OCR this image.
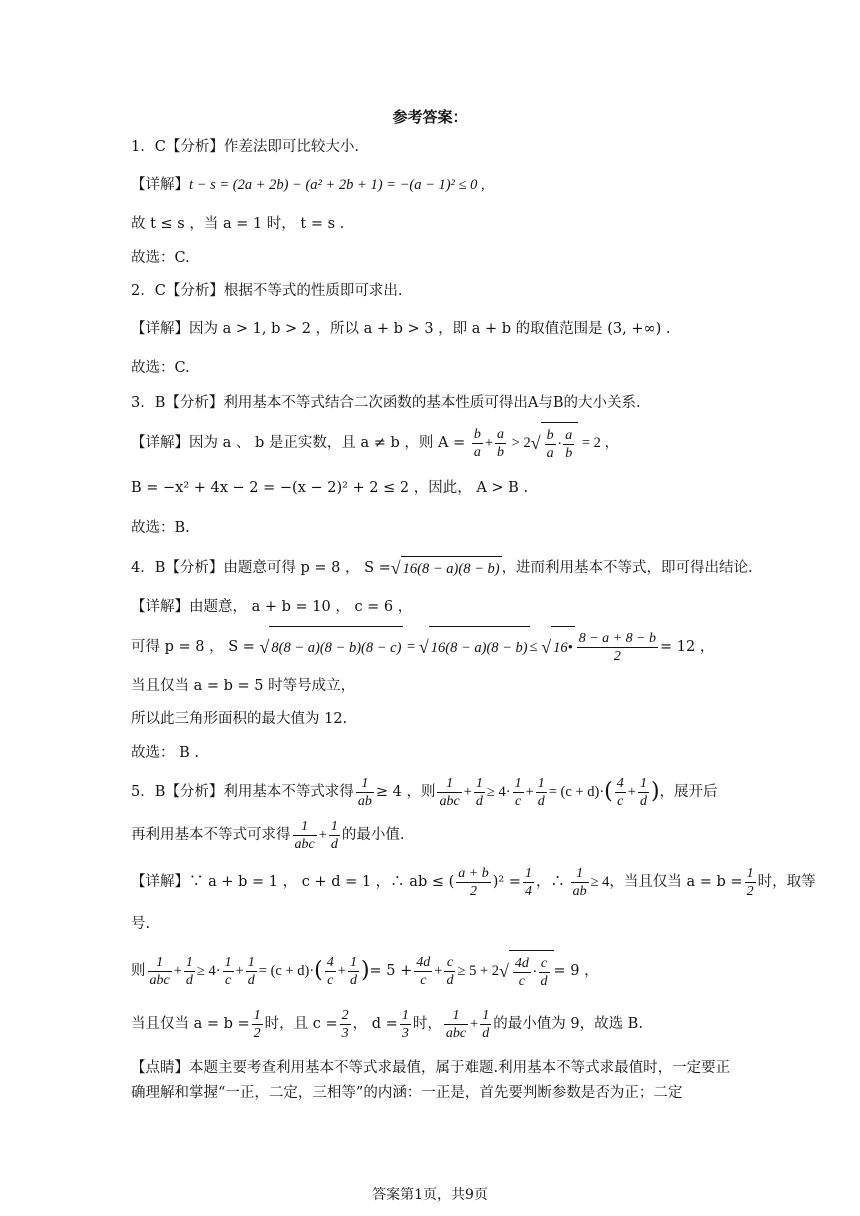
参考答案：
1．C【分析】作差法即可比较大小.
【详解】t − s = (2a + 2b) − (a² + 2b + 1) = −(a − 1)² ≤ 0 ,
故 t ≤ s ，当 a = 1 时， t = s .
故选：C.
2．C【分析】根据不等式的性质即可求出.
【详解】因为 a > 1, b > 2 ，所以 a + b > 3 ，即 a + b 的取值范围是 (3, +∞) .
故选：C.
3．B【分析】利用基本不等式结合二次函数的基本性质可得出A与B的大小关系.
【详解】因为 a 、 b 是正实数，且 a ≠ b ，则 $A = \frac{b}{a} + \frac{a}{b} > 2√ \frac{b}{a} \cdot \frac{a}{b} = 2$ ，
B = −x² + 4x − 2 = −(x − 2)² + 2 ≤ 2 ，因此， A > B .
故选：B.
4．B【分析】由题意可得 p = 8 ， S =√ 16(8 − a)(8 − b) ，进而利用基本不等式，即可得出结论.
【详解】由题意， a + b = 10 ， c = 6 ，
可得 p = 8 ， S = √ 8(8 − a)(8 − b)(8 − c) = √ 16(8 − a)(8 − b) ≤ √ 16• $\frac{8 - a + 8 - b}{2} = 12$ ，
当且仅当 a = b = 5 时等号成立，
所以此三角形面积的最大值为 12.
故选： B .
5．B【分析】利用基本不等式求得 $\frac{1}{ab} \ge 4$ ，则 $\frac{1}{\text{abc}} + \frac{1}{d} \ge 4\cdot \frac{1}{c} + \frac{1}{d} = (c + d)\cdot( \frac{4}{c} + \frac{1}{d}$ )，展开后
再利用基本不等式可求得 $\frac{1}{\text{abc}} + \frac{1}{d}$ 的最小值.
【详解】∵ a + b = 1 ， c + d = 1 ，∴ ab ≤ ( $\frac{a + b}{2} )^2 = \frac{1}{4}$ ，∴ $\frac{1}{ab} \ge 4$，当且仅当 $a = b = \frac{1}{2}$ 时，取等
号.
则 $\frac{1}{\text{abc}} + \frac{1}{d} \ge 4\cdot \frac{1}{c} + \frac{1}{d} = (c + d)\cdot( \frac{4}{c} + \frac{1}{d}$ )= $5 + \frac{4d}{c} + \frac{c}{d} \ge 5 + 2√ \frac{4d}{c} \cdot \frac{c}{d} = 9$ ，
当且仅当 $a = b = \frac{1}{2}$ 时，且 $c = \frac{2}{3}$ ， $d = \frac{1}{3}$ 时， $\frac{1}{\text{abc}} + \frac{1}{d}$ 的最小值为 9，故选 B.
【点睛】本题主要考查利用基本不等式求最值，属于难题.利用基本不等式求最值时，一定要正确理解和掌握“一正，二定，三相等”的内涵：一正是，首先要判断参数是否为正；二定
答案第1页，共9页
